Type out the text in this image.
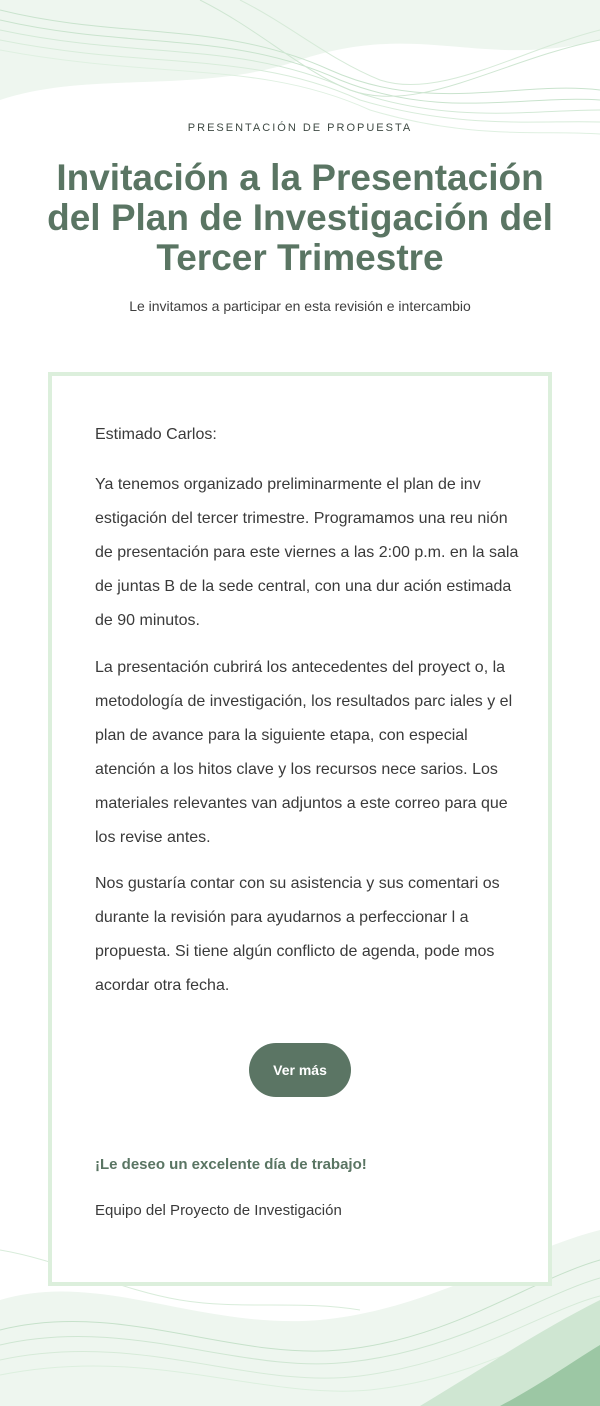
PRESENTACIÓN DE PROPUESTA
Invitación a la Presentación del Plan de Investigación del Tercer Trimestre
Le invitamos a participar en esta revisión e intercambio
Estimado Carlos:

Ya tenemos organizado preliminarmente el plan de inv estigación del tercer trimestre. Programamos una reu nión de presentación para este viernes a las 2:00 p.m. en la sala de juntas B de la sede central, con una dur ación estimada de 90 minutos.

La presentación cubrirá los antecedentes del proyect o, la metodología de investigación, los resultados parc iales y el plan de avance para la siguiente etapa, con especial atención a los hitos clave y los recursos nece sarios. Los materiales relevantes van adjuntos a este correo para que los revise antes.

Nos gustaría contar con su asistencia y sus comentari os durante la revisión para ayudarnos a perfeccionar l a propuesta. Si tiene algún conflicto de agenda, pode mos acordar otra fecha.

Ver más
¡Le deseo un excelente día de trabajo!
Equipo del Proyecto de Investigación
